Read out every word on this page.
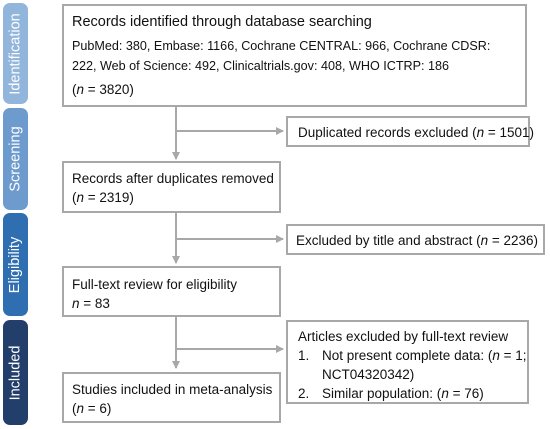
Identification
Screening
Eligibility
Included

Records identified through database searching

PubMed: 380, Embase: 1166, Cochrane CENTRAL: 966, Cochrane CDSR:

222, Web of Science: 492, Clinicaltrials.gov: 408, WHO ICTRP: 186

(n = 3820)

Duplicated records excluded (n = 1501)

Records after duplicates removed

(n = 2319)

Excluded by title and abstract (n = 2236)

Full-text review for eligibility

n = 83

Articles excluded by full-text review

1. Not present complete data: (n = 1;
NCT04320342)
2. Similar population: (n = 76)

Studies included in meta-analysis

(n = 6)
